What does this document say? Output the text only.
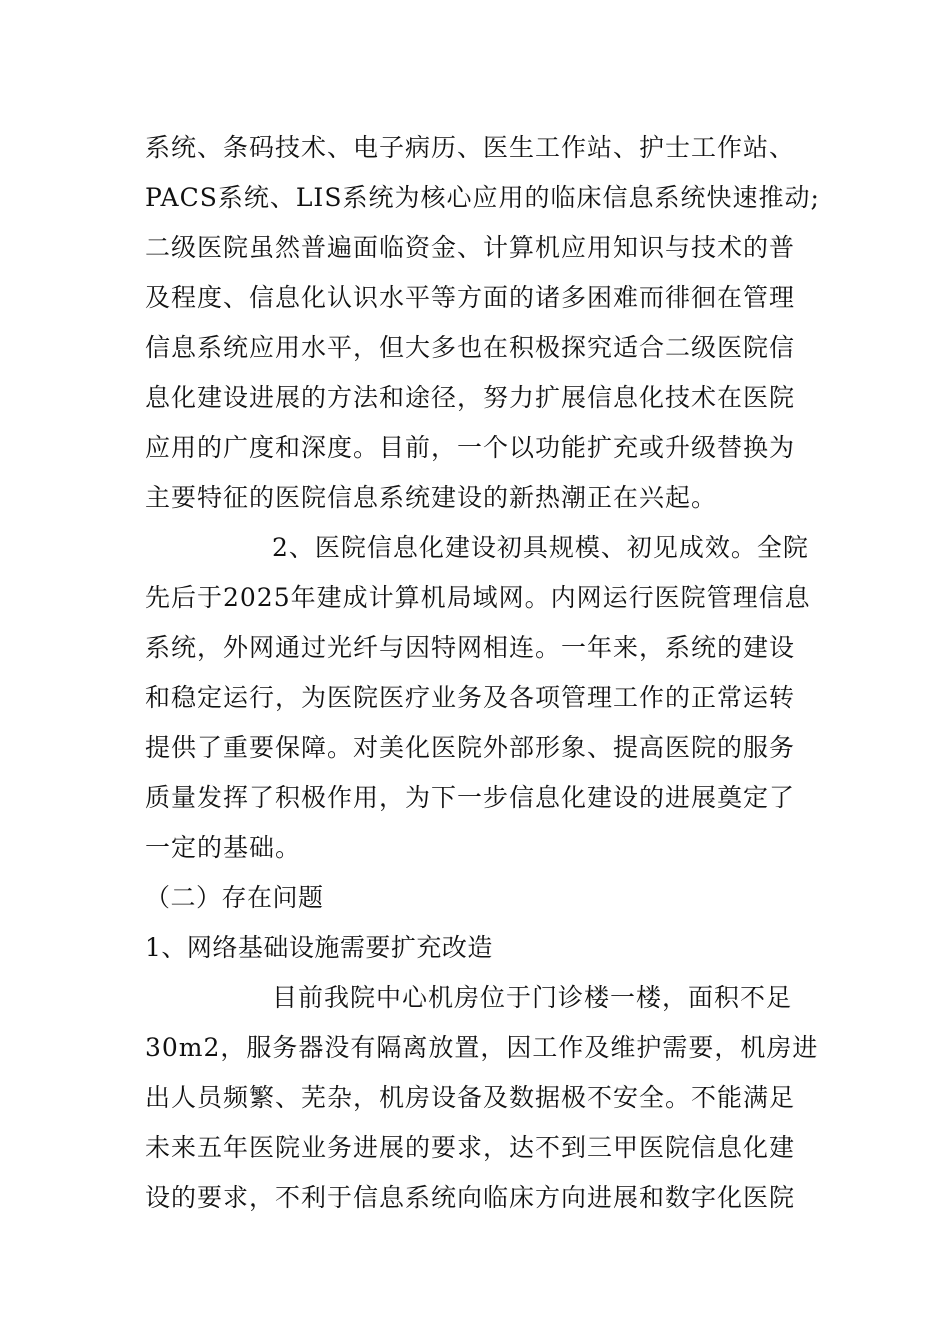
系统、条码技术、电子病历、医生工作站、护士工作站、
PACS系统、LIS系统为核心应用的临床信息系统快速推动;
二级医院虽然普遍面临资金、计算机应用知识与技术的普
及程度、信息化认识水平等方面的诸多困难而徘徊在管理
信息系统应用水平，但大多也在积极探究适合二级医院信
息化建设进展的方法和途径，努力扩展信息化技术在医院
应用的广度和深度。目前，一个以功能扩充或升级替换为
主要特征的医院信息系统建设的新热潮正在兴起。
2、医院信息化建设初具规模、初见成效。全院
先后于2025年建成计算机局域网。内网运行医院管理信息
系统，外网通过光纤与因特网相连。一年来，系统的建设
和稳定运行，为医院医疗业务及各项管理工作的正常运转
提供了重要保障。对美化医院外部形象、提高医院的服务
质量发挥了积极作用，为下一步信息化建设的进展奠定了
一定的基础。
（二）存在问题
1、网络基础设施需要扩充改造
目前我院中心机房位于门诊楼一楼，面积不足
30m2，服务器没有隔离放置，因工作及维护需要，机房进
出人员频繁、芜杂，机房设备及数据极不安全。不能满足
未来五年医院业务进展的要求，达不到三甲医院信息化建
设的要求，不利于信息系统向临床方向进展和数字化医院
